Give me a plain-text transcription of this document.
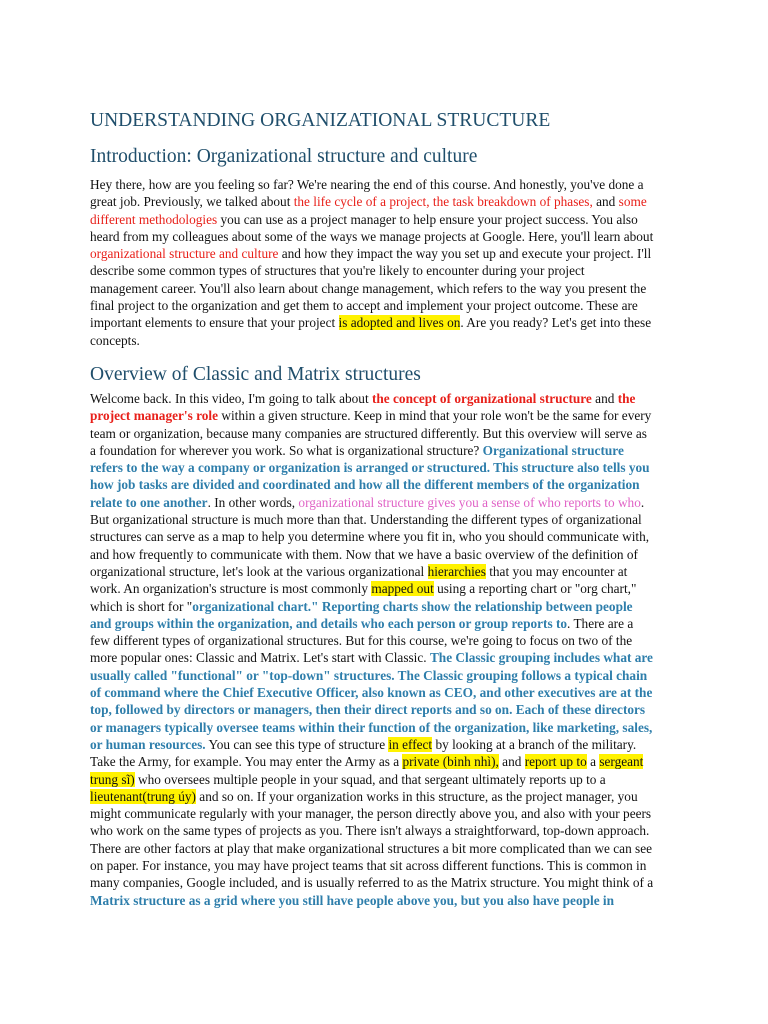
UNDERSTANDING ORGANIZATIONAL STRUCTURE
Introduction: Organizational structure and culture
Hey there, how are you feeling so far? We're nearing the end of this course. And honestly, you've done a
great job. Previously, we talked about the life cycle of a project, the task breakdown of phases, and some
different methodologies you can use as a project manager to help ensure your project success. You also
heard from my colleagues about some of the ways we manage projects at Google. Here, you'll learn about
organizational structure and culture and how they impact the way you set up and execute your project. I'll
describe some common types of structures that you're likely to encounter during your project
management career. You'll also learn about change management, which refers to the way you present the
final project to the organization and get them to accept and implement your project outcome. These are
important elements to ensure that your project is adopted and lives on. Are you ready? Let's get into these
concepts.
Overview of Classic and Matrix structures
Welcome back. In this video, I'm going to talk about the concept of organizational structure and the
project manager's role within a given structure. Keep in mind that your role won't be the same for every
team or organization, because many companies are structured differently. But this overview will serve as
a foundation for wherever you work. So what is organizational structure? Organizational structure
refers to the way a company or organization is arranged or structured. This structure also tells you
how job tasks are divided and coordinated and how all the different members of the organization
relate to one another. In other words, organizational structure gives you a sense of who reports to who.
But organizational structure is much more than that. Understanding the different types of organizational
structures can serve as a map to help you determine where you fit in, who you should communicate with,
and how frequently to communicate with them. Now that we have a basic overview of the definition of
organizational structure, let's look at the various organizational hierarchies that you may encounter at
work. An organization's structure is most commonly mapped out using a reporting chart or "org chart,"
which is short for "organizational chart." Reporting charts show the relationship between people
and groups within the organization, and details who each person or group reports to. There are a
few different types of organizational structures. But for this course, we're going to focus on two of the
more popular ones: Classic and Matrix. Let's start with Classic. The Classic grouping includes what are
usually called "functional" or "top-down" structures. The Classic grouping follows a typical chain
of command where the Chief Executive Officer, also known as CEO, and other executives are at the
top, followed by directors or managers, then their direct reports and so on. Each of these directors
or managers typically oversee teams within their function of the organization, like marketing, sales,
or human resources. You can see this type of structure in effect by looking at a branch of the military.
Take the Army, for example. You may enter the Army as a private (binh nhì), and report up to a sergeant
trung sĩ) who oversees multiple people in your squad, and that sergeant ultimately reports up to a
lieutenant(trung úy) and so on. If your organization works in this structure, as the project manager, you
might communicate regularly with your manager, the person directly above you, and also with your peers
who work on the same types of projects as you. There isn't always a straightforward, top-down approach.
There are other factors at play that make organizational structures a bit more complicated than we can see
on paper. For instance, you may have project teams that sit across different functions. This is common in
many companies, Google included, and is usually referred to as the Matrix structure. You might think of a
Matrix structure as a grid where you still have people above you, but you also have people in
